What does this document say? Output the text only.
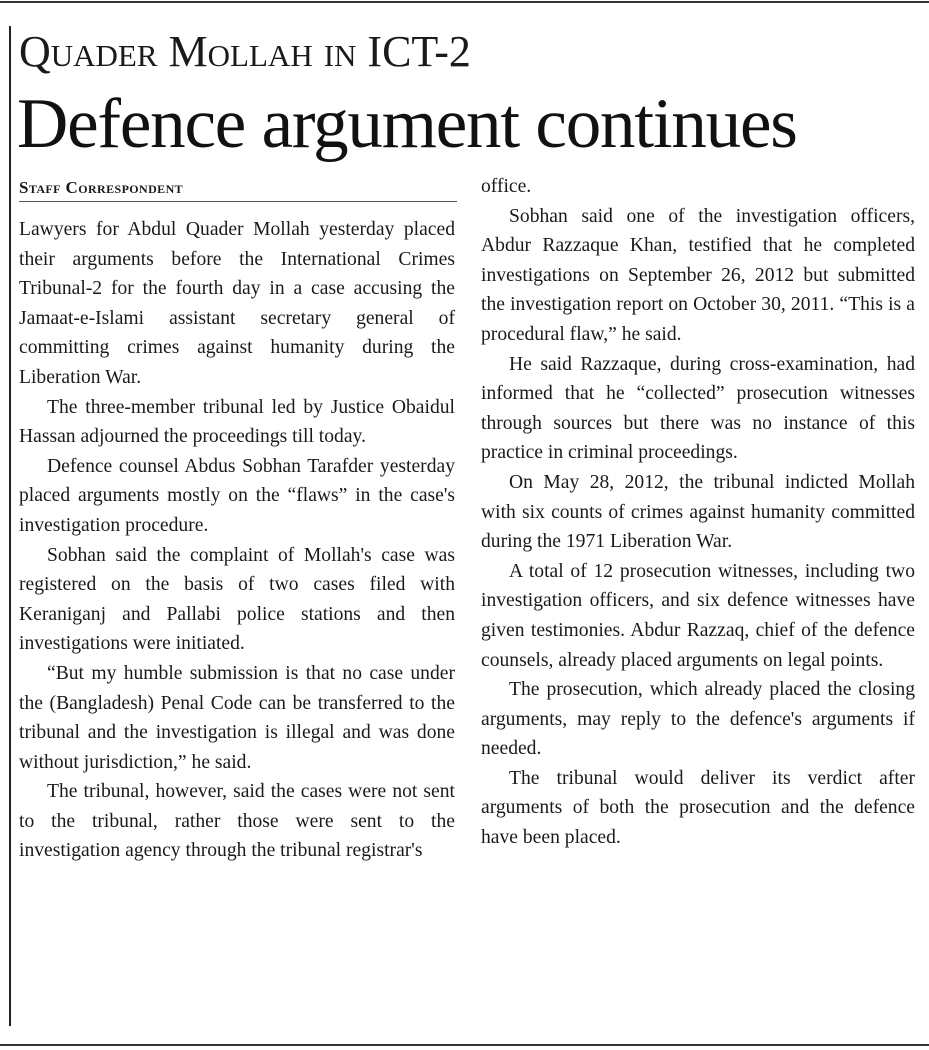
Quader Mollah in ICT-2
Defence argument continues
Staff Correspondent

Lawyers for Abdul Quader Mollah yesterday placed their arguments before the International Crimes Tribunal-2 for the fourth day in a case accusing the Jamaat-e-Islami assistant secretary general of committing crimes against humanity during the Liberation War.

The three-member tribunal led by Justice Obaidul Hassan adjourned the proceedings till today.

Defence counsel Abdus Sobhan Tarafder yesterday placed arguments mostly on the “flaws” in the case's investigation procedure.

Sobhan said the complaint of Mollah's case was registered on the basis of two cases filed with Keraniganj and Pallabi police stations and then investigations were initiated.

“But my humble submission is that no case under the (Bangladesh) Penal Code can be transferred to the tribunal and the investigation is illegal and was done without jurisdiction,” he said.

The tribunal, however, said the cases were not sent to the tribunal, rather those were sent to the investigation agency through the tribunal registrar's

office.

Sobhan said one of the investigation officers, Abdur Razzaque Khan, testified that he completed investigations on September 26, 2012 but submitted the investigation report on October 30, 2011. “This is a procedural flaw,” he said.

He said Razzaque, during cross-examination, had informed that he “collected” prosecution witnesses through sources but there was no instance of this practice in criminal proceedings.

On May 28, 2012, the tribunal indicted Mollah with six counts of crimes against humanity committed during the 1971 Liberation War.

A total of 12 prosecution witnesses, including two investigation officers, and six defence witnesses have given testimonies. Abdur Razzaq, chief of the defence counsels, already placed arguments on legal points.

The prosecution, which already placed the closing arguments, may reply to the defence's arguments if needed.

The tribunal would deliver its verdict after arguments of both the prosecution and the defence have been placed.
